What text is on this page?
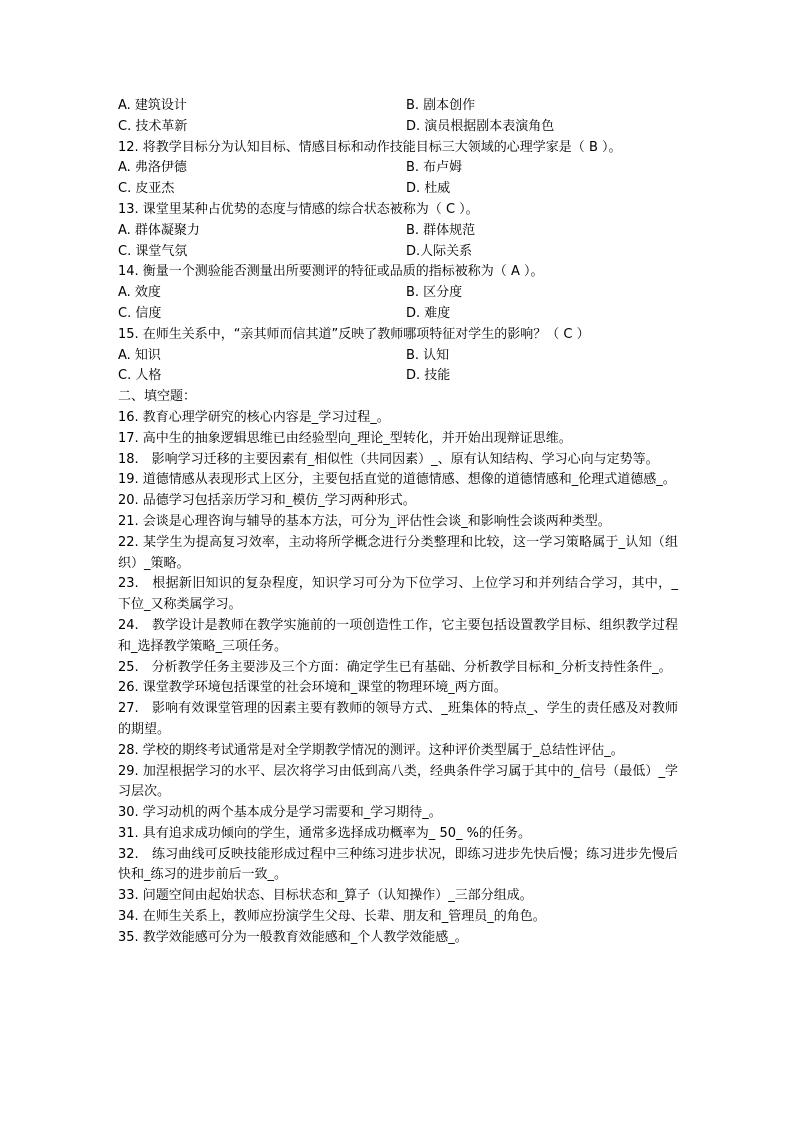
A. 建筑设计	B. 剧本创作
C. 技术革新	D. 演员根据剧本表演角色
12. 将教学目标分为认知目标、情感目标和动作技能目标三大领域的心理学家是（ B ）。
A. 弗洛伊德	B. 布卢姆
C. 皮亚杰	D. 杜威
13. 课堂里某种占优势的态度与情感的综合状态被称为（ C ）。
A. 群体凝聚力	B. 群体规范
C. 课堂气氛	D.人际关系
14. 衡量一个测验能否测量出所要测评的特征或品质的指标被称为（ A ）。
A. 效度	B. 区分度
C. 信度	D. 难度
15. 在师生关系中，“亲其师而信其道”反映了教师哪项特征对学生的影响？（ C ）
A. 知识	B. 认知
C. 人格	D. 技能
二、填空题：
16. 教育心理学研究的核心内容是_学习过程_。
17. 高中生的抽象逻辑思维已由经验型向_理论_型转化，并开始出现辩证思维。
18.　影响学习迁移的主要因素有_相似性（共同因素）_、原有认知结构、学习心向与定势等。
19. 道德情感从表现形式上区分，主要包括直觉的道德情感、想像的道德情感和_伦理式道德感_。
20. 品德学习包括亲历学习和_模仿_学习两种形式。
21. 会谈是心理咨询与辅导的基本方法，可分为_评估性会谈_和影响性会谈两种类型。
22. 某学生为提高复习效率，主动将所学概念进行分类整理和比较，这一学习策略属于_认知（组织）_策略。
23.　根据新旧知识的复杂程度，知识学习可分为下位学习、上位学习和并列结合学习，其中，_下位_又称类属学习。
24.　教学设计是教师在教学实施前的一项创造性工作，它主要包括设置教学目标、组织教学过程和_选择教学策略_三项任务。
25.　分析教学任务主要涉及三个方面：确定学生已有基础、分析教学目标和_分析支持性条件_。
26. 课堂教学环境包括课堂的社会环境和_课堂的物理环境_两方面。
27.　影响有效课堂管理的因素主要有教师的领导方式、_班集体的特点_、学生的责任感及对教师的期望。
28. 学校的期终考试通常是对全学期教学情况的测评。这种评价类型属于_总结性评估_。
29. 加涅根据学习的水平、层次将学习由低到高八类，经典条件学习属于其中的_信号（最低）_学习层次。
30. 学习动机的两个基本成分是学习需要和_学习期待_。
31. 具有追求成功倾向的学生，通常多选择成功概率为_ 50_ %的任务。
32.　练习曲线可反映技能形成过程中三种练习进步状况，即练习进步先快后慢；练习进步先慢后快和_练习的进步前后一致_。
33. 问题空间由起始状态、目标状态和_算子（认知操作）_三部分组成。
34. 在师生关系上，教师应扮演学生父母、长辈、朋友和_管理员_的角色。
35. 教学效能感可分为一般教育效能感和_个人教学效能感_。
